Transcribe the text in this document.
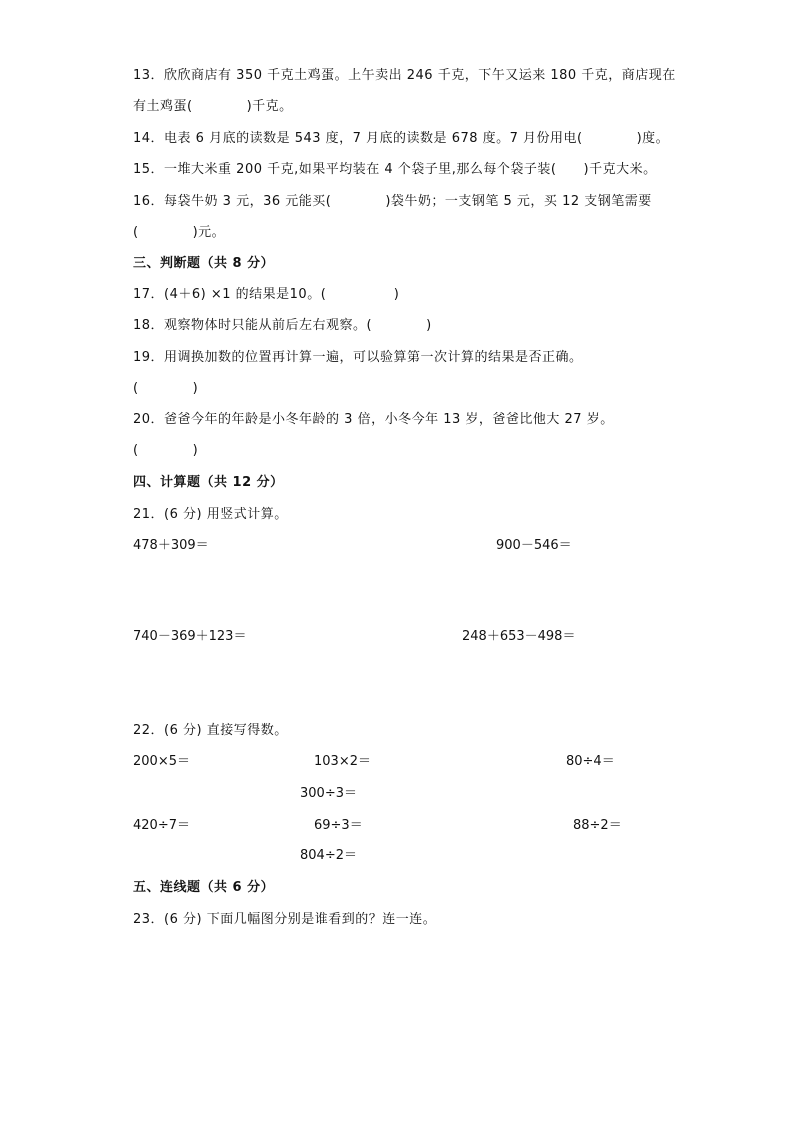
13．欣欣商店有 350 千克土鸡蛋。上午卖出 246 千克，下午又运来 180 千克，商店现在
有土鸡蛋(　　　　)千克。
14．电表 6 月底的读数是 543 度，7 月底的读数是 678 度。7 月份用电(　　　　)度。
15．一堆大米重 200 千克,如果平均装在 4 个袋子里,那么每个袋子装(　　)千克大米。
16．每袋牛奶 3 元，36 元能买(　　　　)袋牛奶；一支钢笔 5 元，买 12 支钢笔需要
(　　　　)元。
三、判断题（共 8 分）
17．(4＋6) ×1 的结果是10。(　　　　　)
18．观察物体时只能从前后左右观察。(　　　　)
19．用调换加数的位置再计算一遍，可以验算第一次计算的结果是否正确。
(　　　　)
20．爸爸今年的年龄是小冬年龄的 3 倍，小冬今年 13 岁，爸爸比他大 27 岁。
(　　　　)
四、计算题（共 12 分）
21．(6 分) 用竖式计算。
478＋309＝	900－546＝
740－369＋123＝	248＋653－498＝
22．(6 分) 直接写得数。
200×5＝	103×2＝	80÷4＝
300÷3＝
420÷7＝	69÷3＝	88÷2＝
804÷2＝
五、连线题（共 6 分）
23．(6 分) 下面几幅图分别是谁看到的？连一连。
